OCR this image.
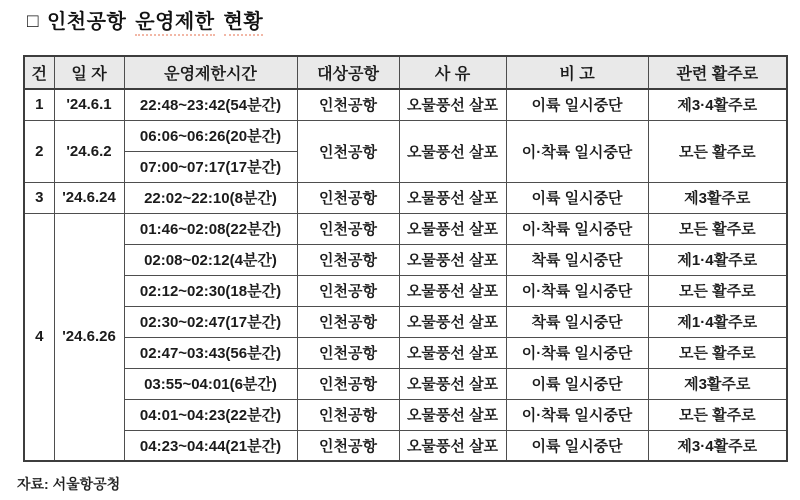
□ 인천공항 운영제한 현황
건	일 자	운영제한시간	대상공항	사 유	비 고	관련 활주로
1	'24.6.1	22:48~23:42(54분간)	인천공항	오물풍선 살포	이륙 일시중단	제3·4활주로
2	'24.6.2	06:06~06:26(20분간)	인천공항	오물풍선 살포	이·착륙 일시중단	모든 활주로
		07:00~07:17(17분간)				
3	'24.6.24	22:02~22:10(8분간)	인천공항	오물풍선 살포	이륙 일시중단	제3활주로
4	'24.6.26	01:46~02:08(22분간)	인천공항	오물풍선 살포	이·착륙 일시중단	모든 활주로
		02:08~02:12(4분간)	인천공항	오물풍선 살포	착륙 일시중단	제1·4활주로
		02:12~02:30(18분간)	인천공항	오물풍선 살포	이·착륙 일시중단	모든 활주로
		02:30~02:47(17분간)	인천공항	오물풍선 살포	착륙 일시중단	제1·4활주로
		02:47~03:43(56분간)	인천공항	오물풍선 살포	이·착륙 일시중단	모든 활주로
		03:55~04:01(6분간)	인천공항	오물풍선 살포	이륙 일시중단	제3활주로
		04:01~04:23(22분간)	인천공항	오물풍선 살포	이·착륙 일시중단	모든 활주로
		04:23~04:44(21분간)	인천공항	오물풍선 살포	이륙 일시중단	제3·4활주로
자료: 서울항공청
